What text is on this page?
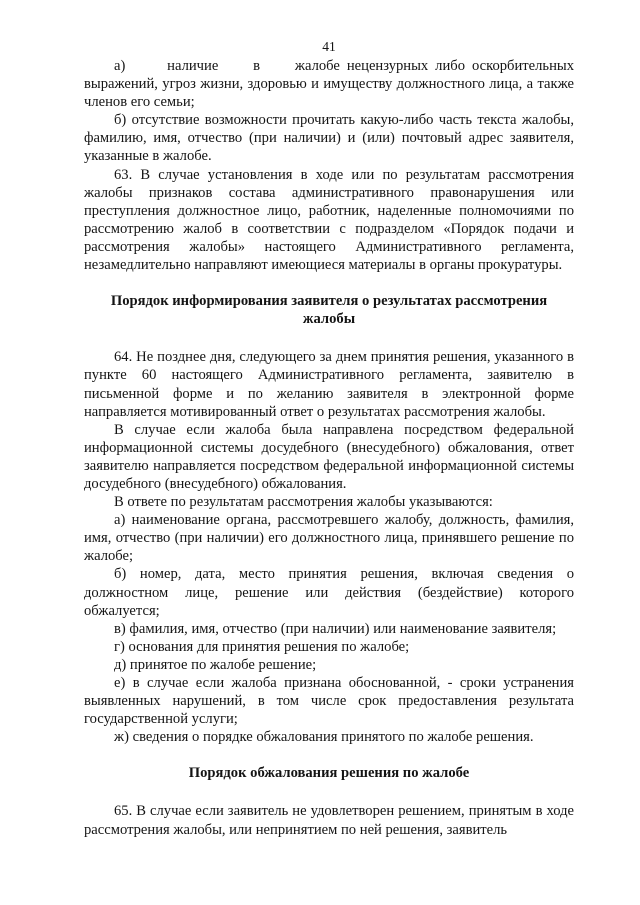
41

а)      наличие     в     жалобе нецензурных либо оскорбительных выражений, угроз жизни, здоровью и имуществу должностного лица, а также членов его семьи;

б) отсутствие возможности прочитать какую-либо часть текста жалобы, фамилию, имя, отчество (при наличии) и (или) почтовый адрес заявителя, указанные в жалобе.

63. В случае установления в ходе или по результатам рассмотрения жалобы признаков состава административного правонарушения или преступления должностное лицо, работник, наделенные полномочиями по рассмотрению жалоб в соответствии с подразделом «Порядок подачи и рассмотрения жалобы» настоящего Административного регламента, незамедлительно направляют имеющиеся материалы в органы прокуратуры.

Порядок информирования заявителя о результатах рассмотрения жалобы

64. Не позднее дня, следующего за днем принятия решения, указанного в пункте 60 настоящего Административного регламента, заявителю в письменной форме и по желанию заявителя в электронной форме направляется мотивированный ответ о результатах рассмотрения жалобы.

В случае если жалоба была направлена посредством федеральной информационной системы досудебного (внесудебного) обжалования, ответ заявителю направляется посредством федеральной информационной системы досудебного (внесудебного) обжалования.

В ответе по результатам рассмотрения жалобы указываются:

а) наименование органа, рассмотревшего жалобу, должность, фамилия, имя, отчество (при наличии) его должностного лица, принявшего решение по жалобе;

б) номер, дата, место принятия решения, включая сведения о должностном лице, решение или действия (бездействие) которого обжалуется;

в) фамилия, имя, отчество (при наличии) или наименование заявителя;

г) основания для принятия решения по жалобе;

д) принятое по жалобе решение;

е) в случае если жалоба признана обоснованной, - сроки устранения выявленных нарушений, в том числе срок предоставления результата государственной услуги;

ж) сведения о порядке обжалования принятого по жалобе решения.

Порядок обжалования решения по жалобе

65. В случае если заявитель не удовлетворен решением, принятым в ходе рассмотрения жалобы, или непринятием по ней решения, заявитель
